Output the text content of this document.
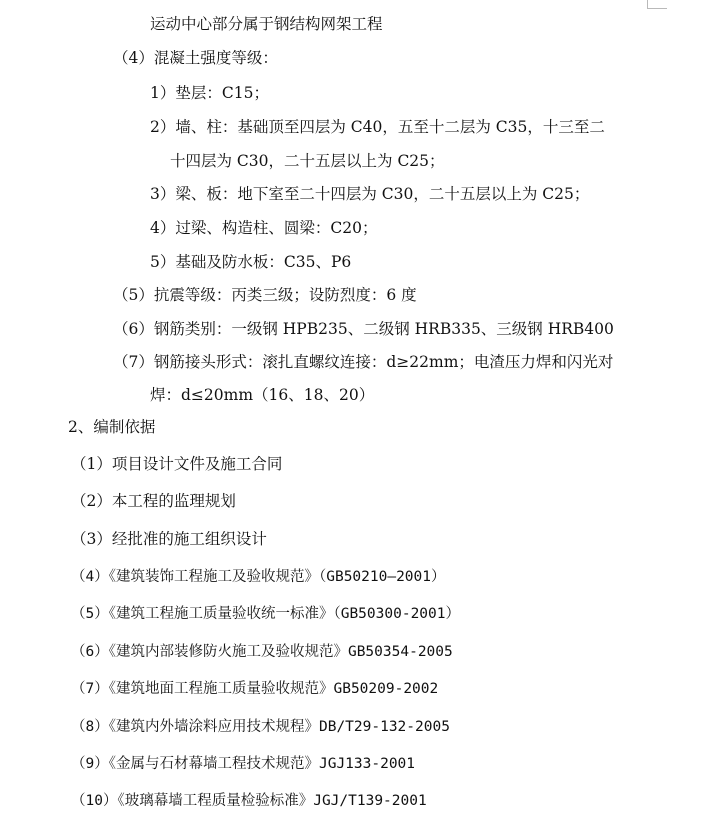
运动中心部分属于钢结构网架工程
（4）混凝土强度等级：
1）垫层：C15；
2）墙、柱：基础顶至四层为 C40，五至十二层为 C35，十三至二
十四层为 C30，二十五层以上为 C25；
3）梁、板：地下室至二十四层为 C30，二十五层以上为 C25；
4）过梁、构造柱、圆梁：C20；
5）基础及防水板：C35、P6
（5）抗震等级：丙类三级；设防烈度：6 度
（6）钢筋类别：一级钢 HPB235、二级钢 HRB335、三级钢 HRB400
（7）钢筋接头形式：滚扎直螺纹连接：d≥22mm；电渣压力焊和闪光对
焊：d≤20mm（16、18、20）
2、编制依据
（1）项目设计文件及施工合同
（2）本工程的监理规划
（3）经批准的施工组织设计
（4）《建筑装饰工程施工及验收规范》（GB50210—2001）
（5）《建筑工程施工质量验收统一标准》（GB50300-2001）
（6）《建筑内部装修防火施工及验收规范》GB50354-2005
（7）《建筑地面工程施工质量验收规范》GB50209-2002
（8）《建筑内外墙涂料应用技术规程》DB/T29-132-2005
（9）《金属与石材幕墙工程技术规范》JGJ133-2001
（10）《玻璃幕墙工程质量检验标准》JGJ/T139-2001
